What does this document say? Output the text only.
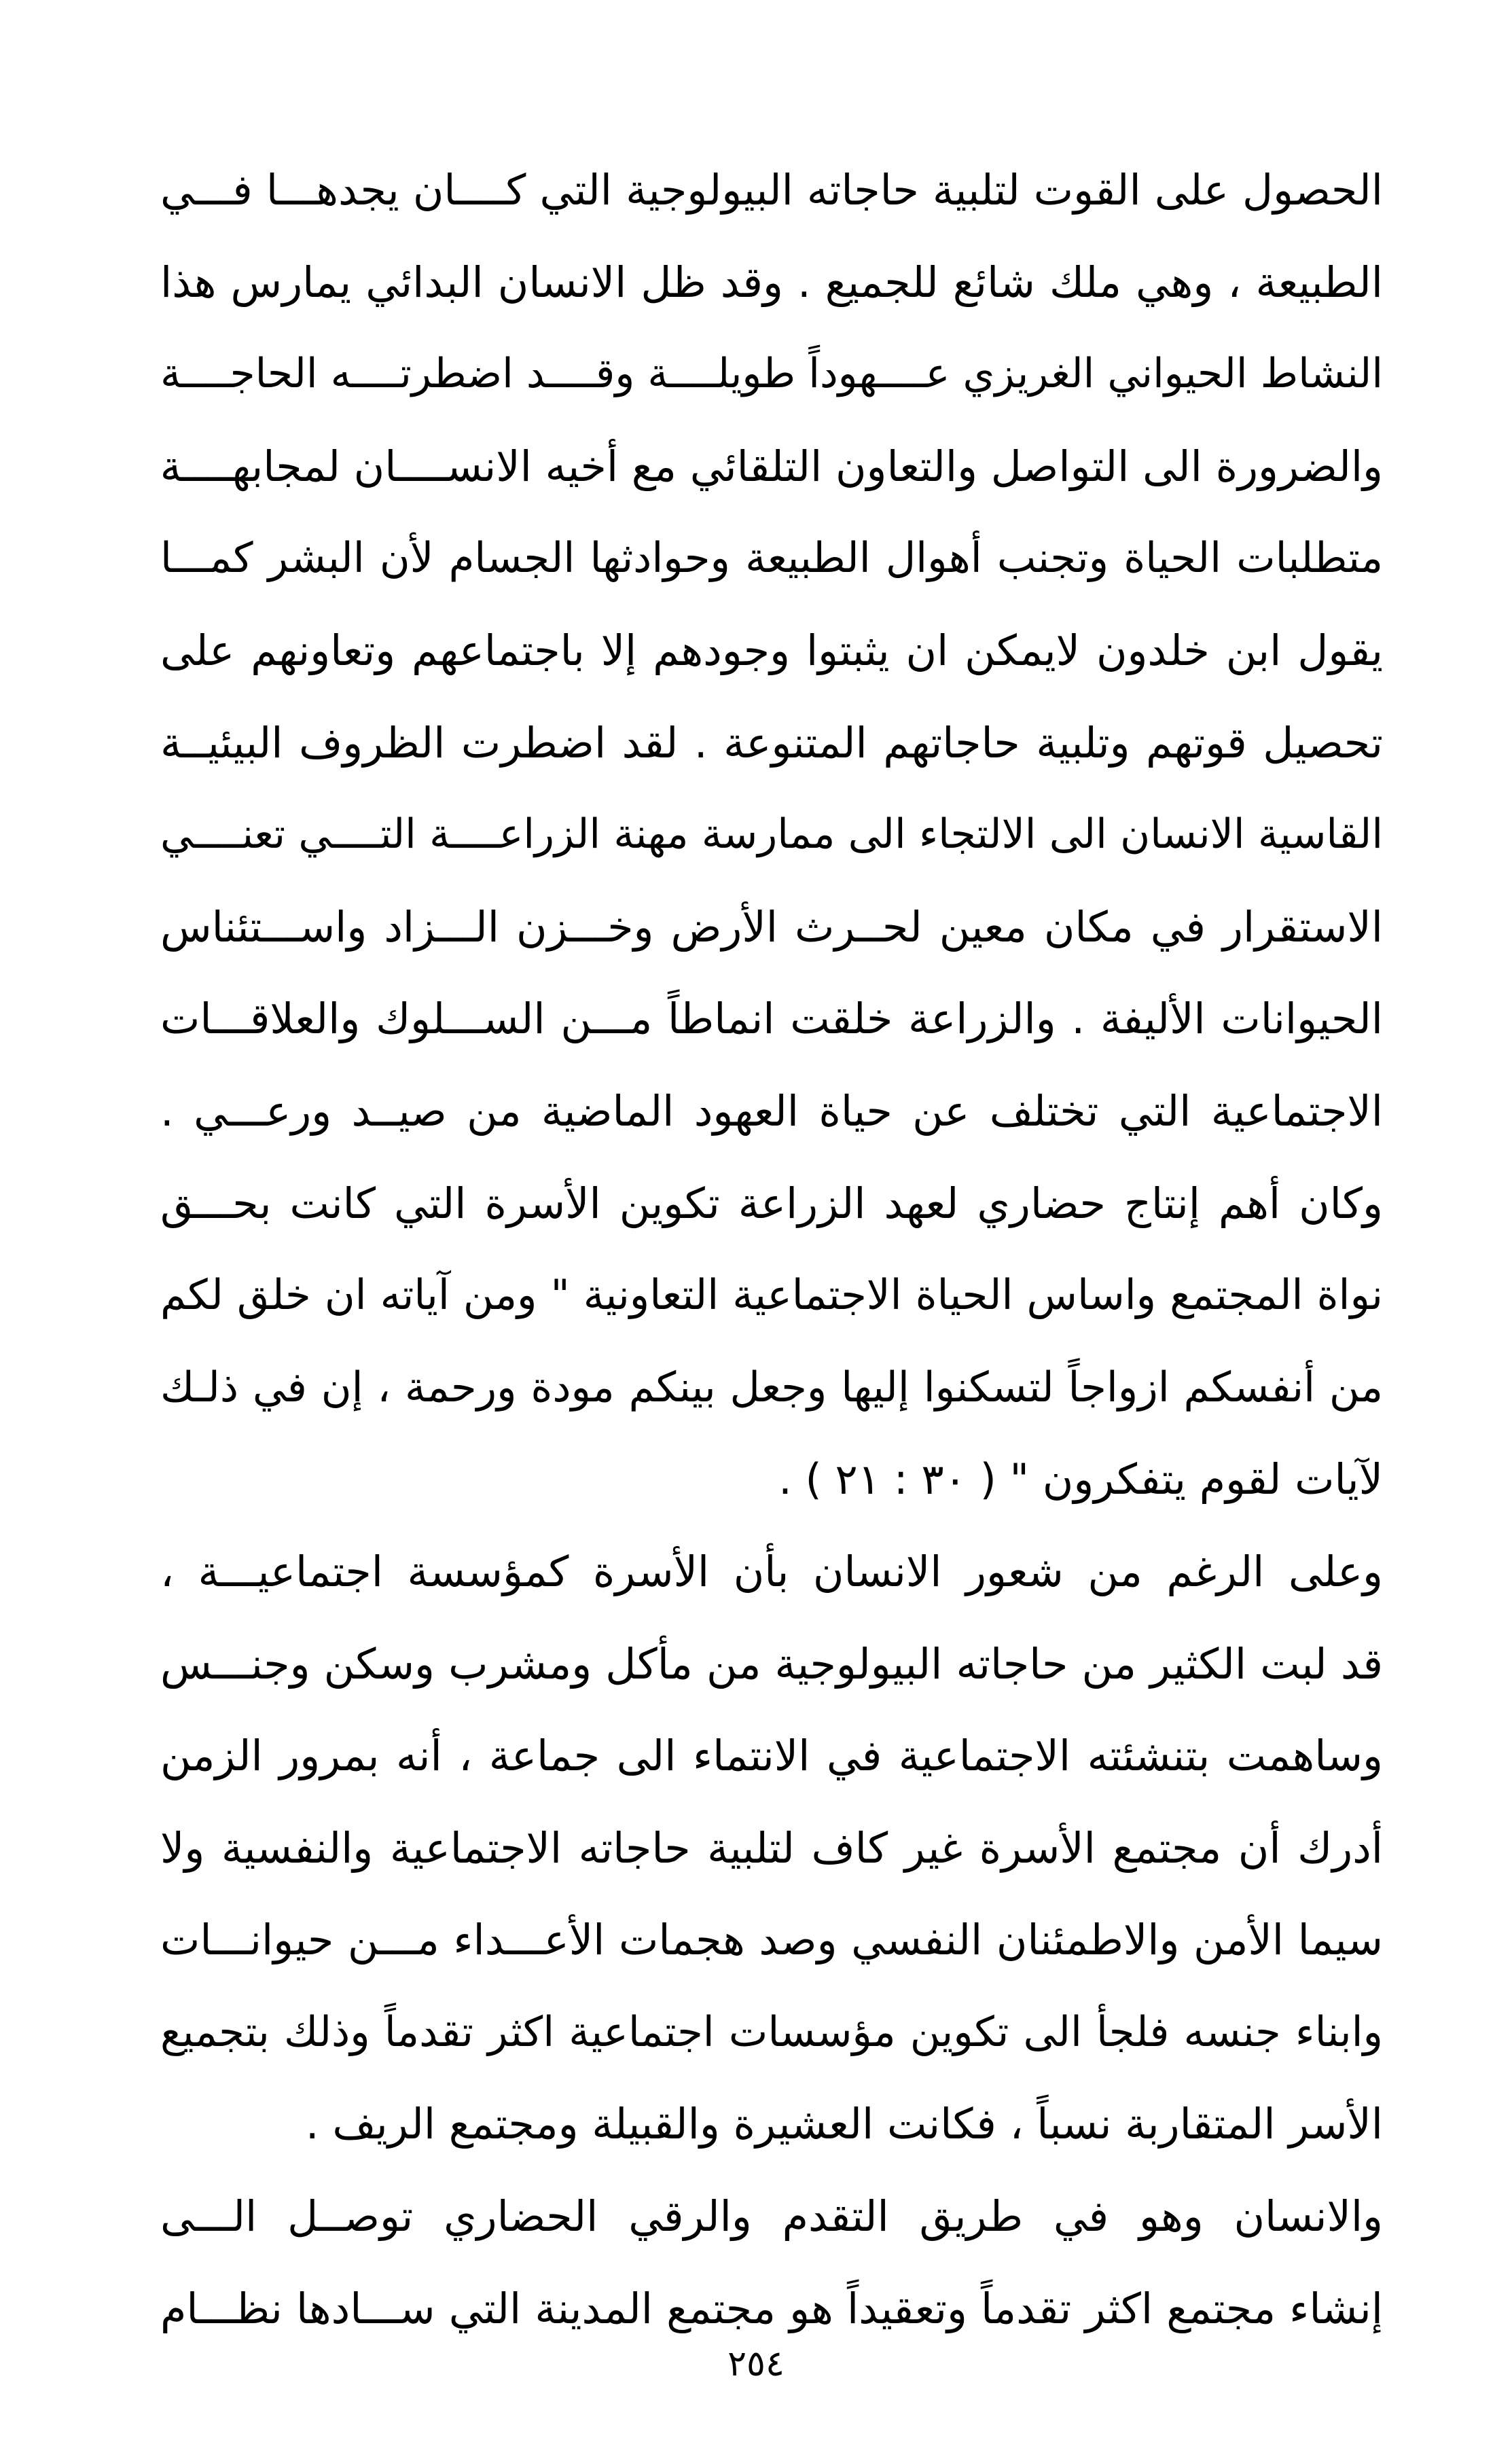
الحصول على القوت لتلبية حاجاته البيولوجية التي كــــان يجدهـــا فـــي
الطبيعة ، وهي ملك شائع للجميع . وقد ظل الانسان البدائي يمارس هذا
النشاط الحيواني الغريزي عــــهوداً طويلــــة وقــــد اضطرتــــه الحاجــــة
والضرورة الى التواصل والتعاون التلقائي مع أخيه الانســــان لمجابهــــة
متطلبات الحياة وتجنب أهوال الطبيعة وحوادثها الجسام لأن البشر كمـــا
يقول ابن خلدون لايمكن ان يثبتوا وجودهم إلا باجتماعهم وتعاونهم على
تحصيل قوتهم وتلبية حاجاتهم المتنوعة . لقد اضطرت الظروف البيئيــة
القاسية الانسان الى الالتجاء الى ممارسة مهنة الزراعــــة التــــي تعنــــي
الاستقرار في مكان معين لحــرث الأرض وخـــزن الـــزاد واســـتئناس
الحيوانات الأليفة . والزراعة خلقت انماطاً مـــن الســـلوك والعلاقـــات
الاجتماعية التي تختلف عن حياة العهود الماضية من صيــد ورعـــي .
وكان أهم إنتاج حضاري لعهد الزراعة تكوين الأسرة التي كانت بحـــق
نواة المجتمع واساس الحياة الاجتماعية التعاونية " ومن آياته ان خلق لكم
من أنفسكم ازواجاً لتسكنوا إليها وجعل بينكم مودة ورحمة ، إن في ذلـك
لآيات لقوم يتفكرون " ( ٣٠ : ٢١ ) .
وعلى الرغم من شعور الانسان بأن الأسرة كمؤسسة اجتماعيـــة ،
قد لبت الكثير من حاجاته البيولوجية من مأكل ومشرب وسكن وجنـــس
وساهمت بتنشئته الاجتماعية في الانتماء الى جماعة ، أنه بمرور الزمن
أدرك أن مجتمع الأسرة غير كاف لتلبية حاجاته الاجتماعية والنفسية ولا
سيما الأمن والاطمئنان النفسي وصد هجمات الأعـــداء مـــن حيوانـــات
وابناء جنسه فلجأ الى تكوين مؤسسات اجتماعية اكثر تقدماً وذلك بتجميع
الأسر المتقاربة نسباً ، فكانت العشيرة والقبيلة ومجتمع الريف .
والانسان وهو في طريق التقدم والرقي الحضاري توصــل الـــى
إنشاء مجتمع اكثر تقدماً وتعقيداً هو مجتمع المدينة التي ســـادها نظـــام
٢٥٤
